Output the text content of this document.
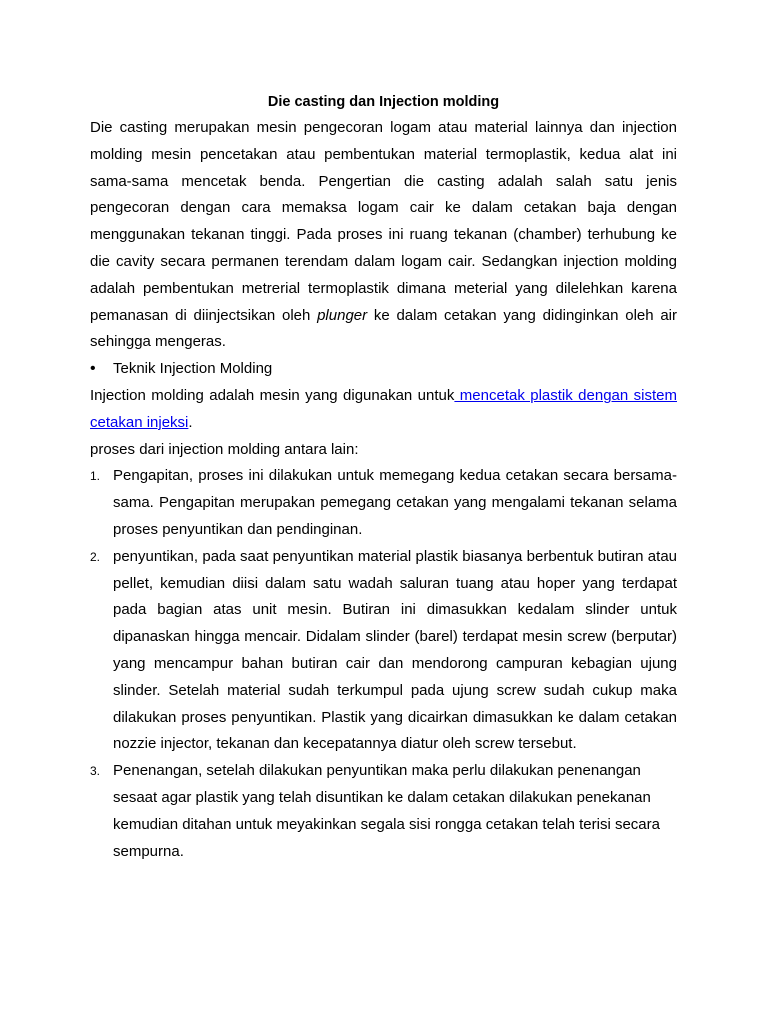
Die casting dan Injection molding

Die casting merupakan mesin pengecoran logam atau material lainnya dan injection molding mesin pencetakan atau pembentukan material termoplastik, kedua alat ini sama-sama mencetak benda. Pengertian die casting adalah salah satu jenis pengecoran dengan cara memaksa logam cair ke dalam cetakan baja dengan menggunakan tekanan tinggi. Pada proses ini ruang tekanan (chamber) terhubung ke die cavity secara permanen terendam dalam logam cair. Sedangkan injection molding adalah pembentukan metrerial termoplastik dimana meterial yang dilelehkan karena pemanasan di diinjectsikan oleh plunger ke dalam cetakan yang didinginkan oleh air sehingga mengeras.

• Teknik Injection Molding

Injection molding adalah mesin yang digunakan untuk mencetak plastik dengan sistem cetakan injeksi.

proses dari injection molding antara lain:

1. Pengapitan, proses ini dilakukan untuk memegang kedua cetakan secara bersama-sama. Pengapitan merupakan pemegang cetakan yang mengalami tekanan selama proses penyuntikan dan pendinginan.
2. penyuntikan, pada saat penyuntikan material plastik biasanya berbentuk butiran atau pellet, kemudian diisi dalam satu wadah saluran tuang atau hoper yang terdapat pada bagian atas unit mesin. Butiran ini dimasukkan kedalam slinder untuk dipanaskan hingga mencair. Didalam slinder (barel) terdapat mesin screw (berputar) yang mencampur bahan butiran cair dan mendorong campuran kebagian ujung slinder. Setelah material sudah terkumpul pada ujung screw sudah cukup maka dilakukan proses penyuntikan. Plastik yang dicairkan dimasukkan ke dalam cetakan nozzie injector, tekanan dan kecepatannya diatur oleh screw tersebut.
3. Penenangan, setelah dilakukan penyuntikan maka perlu dilakukan penenangan sesaat agar plastik yang telah disuntikan ke dalam cetakan dilakukan penekanan kemudian ditahan untuk meyakinkan segala sisi rongga cetakan telah terisi secara sempurna.
